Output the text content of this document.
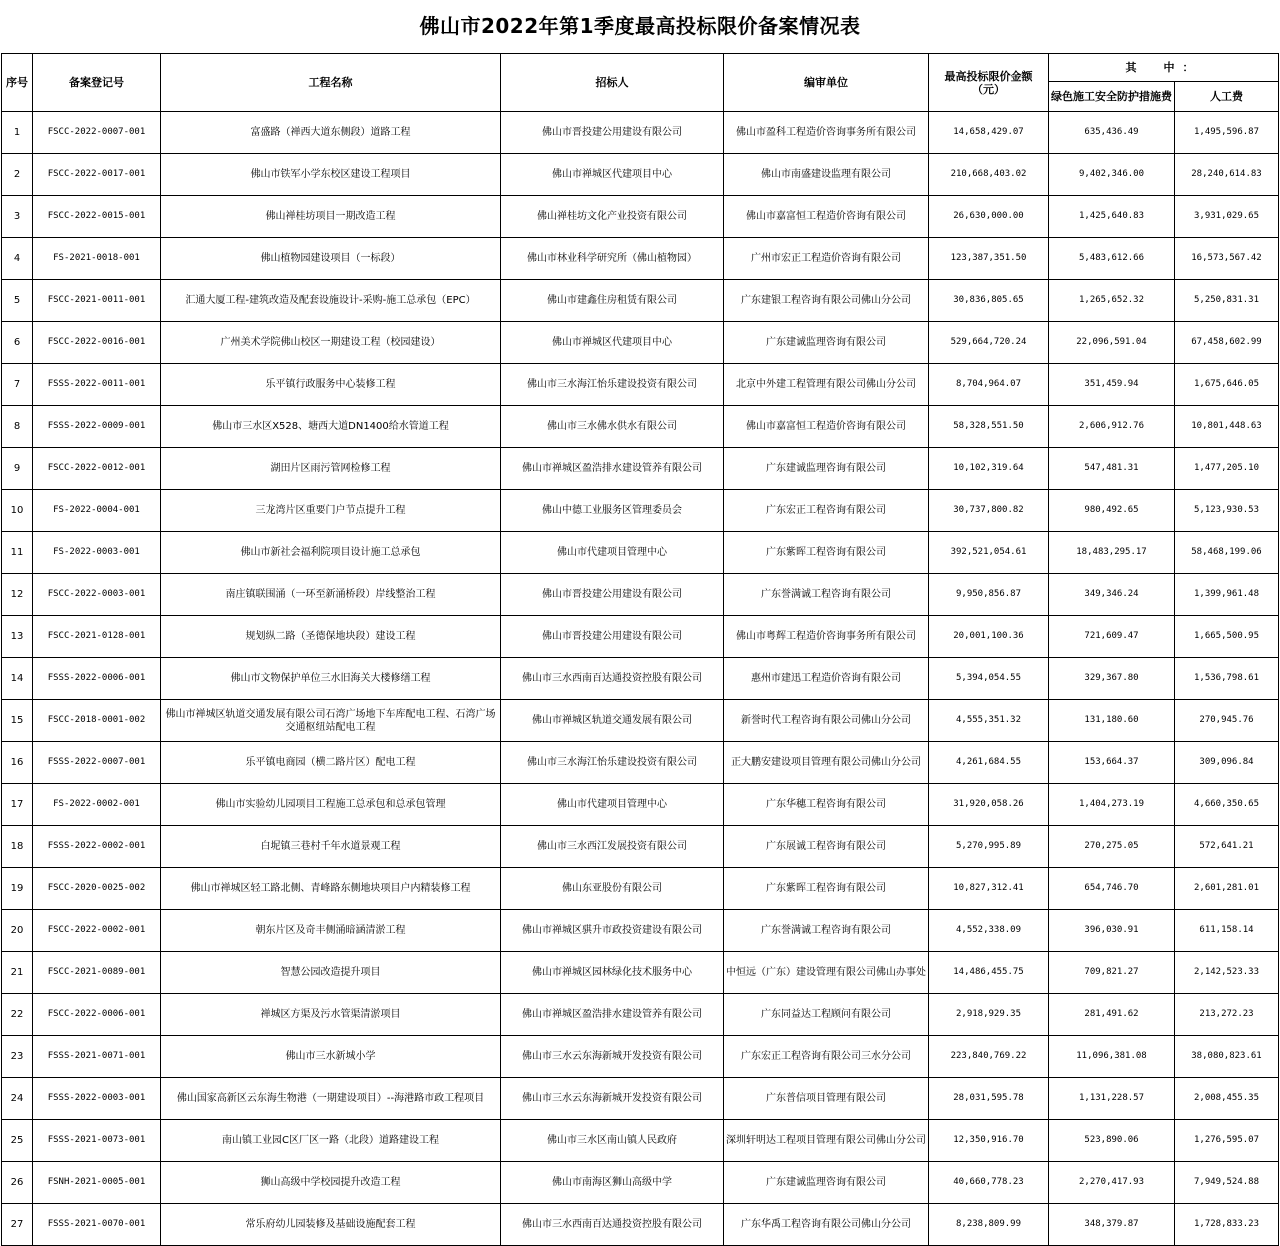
佛山市2022年第1季度最高投标限价备案情况表
序号	备案登记号	工程名称	招标人	编审单位	最高投标限价金额（元）	其　中：	
						绿色施工安全防护措施费	人工费
1	FSCC-2022-0007-001	富盛路（禅西大道东侧段）道路工程	佛山市晋投建公用建设有限公司	佛山市盈科工程造价咨询事务所有限公司	14,658,429.07	635,436.49	1,495,596.87
2	FSCC-2022-0017-001	佛山市铁军小学东校区建设工程项目	佛山市禅城区代建项目中心	佛山市南盛建设监理有限公司	210,668,403.02	9,402,346.00	28,240,614.83
3	FSCC-2022-0015-001	佛山禅桂坊项目一期改造工程	佛山禅桂坊文化产业投资有限公司	佛山市嘉富恒工程造价咨询有限公司	26,630,000.00	1,425,640.83	3,931,029.65
4	FS-2021-0018-001	佛山植物园建设项目（一标段）	佛山市林业科学研究所（佛山植物园）	广州市宏正工程造价咨询有限公司	123,387,351.50	5,483,612.66	16,573,567.42
5	FSCC-2021-0011-001	汇通大厦工程-建筑改造及配套设施设计-采购-施工总承包（EPC）	佛山市建鑫住房租赁有限公司	广东建银工程咨询有限公司佛山分公司	30,836,805.65	1,265,652.32	5,250,831.31
6	FSCC-2022-0016-001	广州美术学院佛山校区一期建设工程（校园建设）	佛山市禅城区代建项目中心	广东建诚监理咨询有限公司	529,664,720.24	22,096,591.04	67,458,602.99
7	FSSS-2022-0011-001	乐平镇行政服务中心装修工程	佛山市三水海江怡乐建设投资有限公司	北京中外建工程管理有限公司佛山分公司	8,704,964.07	351,459.94	1,675,646.05
8	FSSS-2022-0009-001	佛山市三水区X528、塘西大道DN1400给水管道工程	佛山市三水佛水供水有限公司	佛山市嘉富恒工程造价咨询有限公司	58,328,551.50	2,606,912.76	10,801,448.63
9	FSCC-2022-0012-001	湖田片区雨污管网检修工程	佛山市禅城区盈浩排水建设管养有限公司	广东建诚监理咨询有限公司	10,102,319.64	547,481.31	1,477,205.10
10	FS-2022-0004-001	三龙湾片区重要门户节点提升工程	佛山中德工业服务区管理委员会	广东宏正工程咨询有限公司	30,737,800.82	980,492.65	5,123,930.53
11	FS-2022-0003-001	佛山市新社会福利院项目设计施工总承包	佛山市代建项目管理中心	广东紫晖工程咨询有限公司	392,521,054.61	18,483,295.17	58,468,199.06
12	FSCC-2022-0003-001	南庄镇联围涌（一环至新涌桥段）岸线整治工程	佛山市晋投建公用建设有限公司	广东誉满诚工程咨询有限公司	9,950,856.87	349,346.24	1,399,961.48
13	FSCC-2021-0128-001	规划纵二路（圣德保地块段）建设工程	佛山市晋投建公用建设有限公司	佛山市粤辉工程造价咨询事务所有限公司	20,001,100.36	721,609.47	1,665,500.95
14	FSSS-2022-0006-001	佛山市文物保护单位三水旧海关大楼修缮工程	佛山市三水西南百达通投资控股有限公司	惠州市建迅工程造价咨询有限公司	5,394,054.55	329,367.80	1,536,798.61
15	FSCC-2018-0001-002	佛山市禅城区轨道交通发展有限公司石湾广场地下车库配电工程、石湾广场交通枢纽站配电工程	佛山市禅城区轨道交通发展有限公司	新誉时代工程咨询有限公司佛山分公司	4,555,351.32	131,180.60	270,945.76
16	FSSS-2022-0007-001	乐平镇电商园（横二路片区）配电工程	佛山市三水海江怡乐建设投资有限公司	正大鹏安建设项目管理有限公司佛山分公司	4,261,684.55	153,664.37	309,096.84
17	FS-2022-0002-001	佛山市实验幼儿园项目工程施工总承包和总承包管理	佛山市代建项目管理中心	广东华穗工程咨询有限公司	31,920,058.26	1,404,273.19	4,660,350.65
18	FSSS-2022-0002-001	白坭镇三巷村千年水道景观工程	佛山市三水西江发展投资有限公司	广东展诚工程咨询有限公司	5,270,995.89	270,275.05	572,641.21
19	FSCC-2020-0025-002	佛山市禅城区轻工路北侧、青峰路东侧地块项目户内精装修工程	佛山东亚股份有限公司	广东紫晖工程咨询有限公司	10,827,312.41	654,746.70	2,601,281.01
20	FSCC-2022-0002-001	朝东片区及奇丰侧涌暗涵清淤工程	佛山市禅城区骐升市政投资建设有限公司	广东誉满诚工程咨询有限公司	4,552,338.09	396,030.91	611,158.14
21	FSCC-2021-0089-001	智慧公园改造提升项目	佛山市禅城区园林绿化技术服务中心	中恒远（广东）建设管理有限公司佛山办事处	14,486,455.75	709,821.27	2,142,523.33
22	FSCC-2022-0006-001	禅城区方渠及污水管渠清淤项目	佛山市禅城区盈浩排水建设管养有限公司	广东同益达工程顾问有限公司	2,918,929.35	281,491.62	213,272.23
23	FSSS-2021-0071-001	佛山市三水新城小学	佛山市三水云东海新城开发投资有限公司	广东宏正工程咨询有限公司三水分公司	223,840,769.22	11,096,381.08	38,080,823.61
24	FSSS-2022-0003-001	佛山国家高新区云东海生物港（一期建设项目）--海港路市政工程项目	佛山市三水云东海新城开发投资有限公司	广东普信项目管理有限公司	28,031,595.78	1,131,228.57	2,008,455.35
25	FSSS-2021-0073-001	南山镇工业园C区厂区一路（北段）道路建设工程	佛山市三水区南山镇人民政府	深圳轩明达工程项目管理有限公司佛山分公司	12,350,916.70	523,890.06	1,276,595.07
26	FSNH-2021-0005-001	狮山高级中学校园提升改造工程	佛山市南海区狮山高级中学	广东建诚监理咨询有限公司	40,660,778.23	2,270,417.93	7,949,524.88
27	FSSS-2021-0070-001	常乐府幼儿园装修及基础设施配套工程	佛山市三水西南百达通投资控股有限公司	广东华禹工程咨询有限公司佛山分公司	8,238,809.99	348,379.87	1,728,833.23
